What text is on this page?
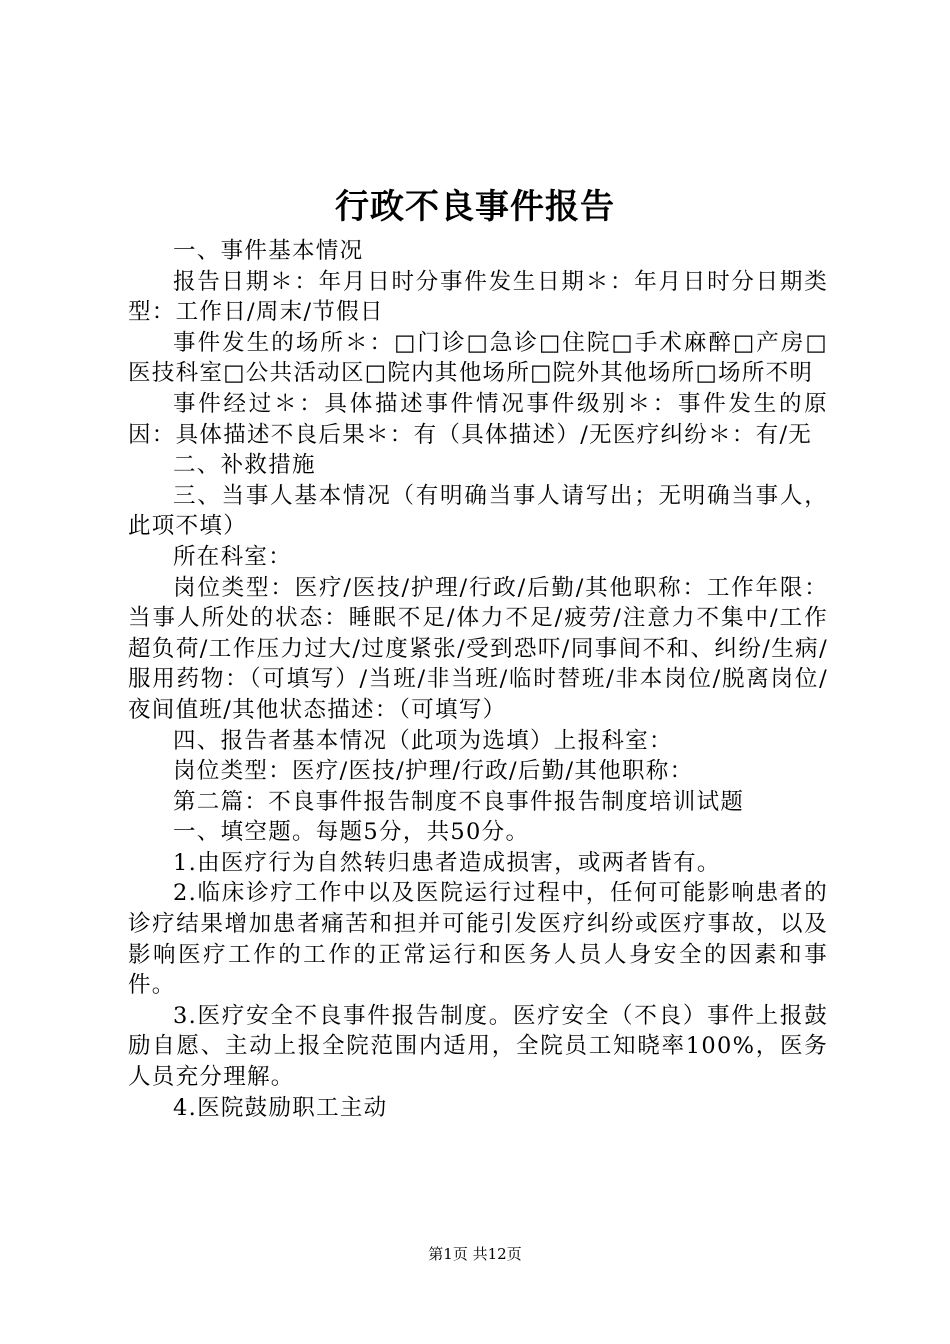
行政不良事件报告

一、事件基本情况

报告日期＊：年月日时分事件发生日期＊：年月日时分日期类型：工作日/周末/节假日

事件发生的场所＊：□门诊□急诊□住院□手术麻醉□产房□医技科室□公共活动区□院内其他场所□院外其他场所□场所不明

事件经过＊：具体描述事件情况事件级别＊：事件发生的原因：具体描述不良后果＊：有（具体描述）/无医疗纠纷＊：有/无

二、补救措施

三、当事人基本情况（有明确当事人请写出；无明确当事人，此项不填）

所在科室：

岗位类型：医疗/医技/护理/行政/后勤/其他职称：工作年限：当事人所处的状态：睡眠不足/体力不足/疲劳/注意力不集中/工作超负荷/工作压力过大/过度紧张/受到恐吓/同事间不和、纠纷/生病/服用药物：（可填写）/当班/非当班/临时替班/非本岗位/脱离岗位/夜间值班/其他状态描述：（可填写）

四、报告者基本情况（此项为选填）上报科室：

岗位类型：医疗/医技/护理/行政/后勤/其他职称：

第二篇：不良事件报告制度不良事件报告制度培训试题

一、填空题。每题5分，共50分。

1.由医疗行为自然转归患者造成损害，或两者皆有。

2.临床诊疗工作中以及医院运行过程中，任何可能影响患者的诊疗结果增加患者痛苦和担并可能引发医疗纠纷或医疗事故，以及影响医疗工作的工作的正常运行和医务人员人身安全的因素和事件。

3.医疗安全不良事件报告制度。医疗安全（不良）事件上报鼓励自愿、主动上报全院范围内适用，全院员工知晓率100%，医务人员充分理解。

4.医院鼓励职工主动

第1页 共12页
